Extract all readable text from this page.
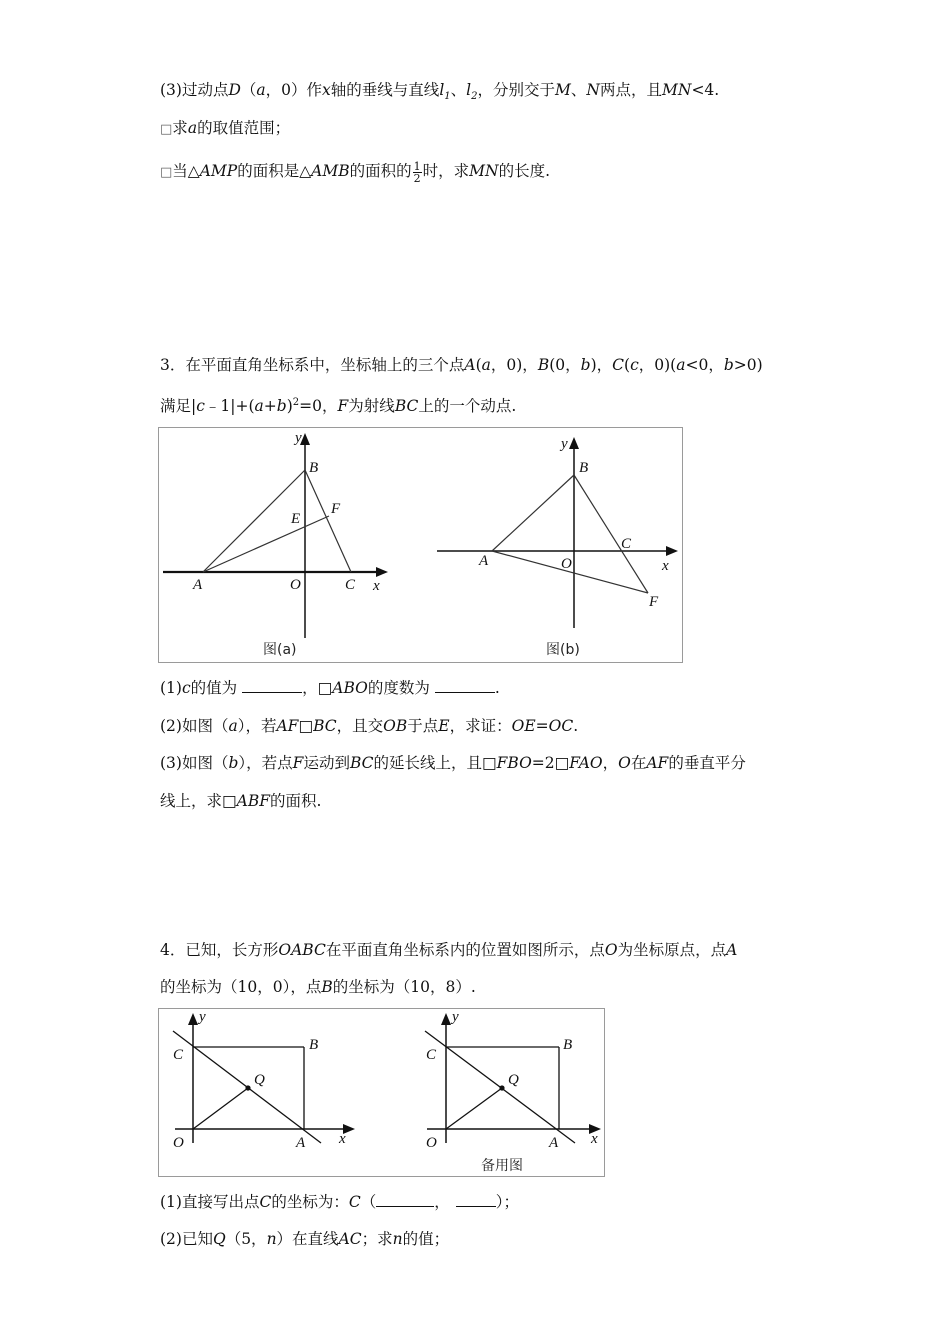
(3)过动点D（a，0）作x轴的垂线与直线$l_1$、$l_2$，分别交于M、N两点，且MN<4.
□求a的取值范围；
□当△AMP的面积是△AMB的面积的 $\frac{1}{2}$ 时，求MN的长度.
3．在平面直角坐标系中，坐标轴上的三个点A(a，0)，B(0，b)，C(c，0)(a<0，b>0)
满足$|c﹣1|+(a+b)^2=0$，F为射线BC上的一个动点.
y
B
E
F
A	O	C x
图(a)
y
B
C
A	O	x
F
图(b)
(1)c的值为	，□ABO的度数为	.
(2)如图（a），若AF□BC，且交OB于点E，求证：OE=OC.
(3)如图（b），若点F运动到BC的延长线上，且□FBO=2□FAO，O在AF的垂直平分
线上，求□ABF的面积.
4．已知，长方形OABC在平面直角坐标系内的位置如图所示，点O为坐标原点，点A
的坐标为（10，0），点B的坐标为（10，8）.
y
C
B
Q
O	A x
y
C
B
Q
O	A x
备用图
(1)直接写出点C的坐标为：C（	，	）；
(2)已知Q（5，n）在直线AC；求n的值；
